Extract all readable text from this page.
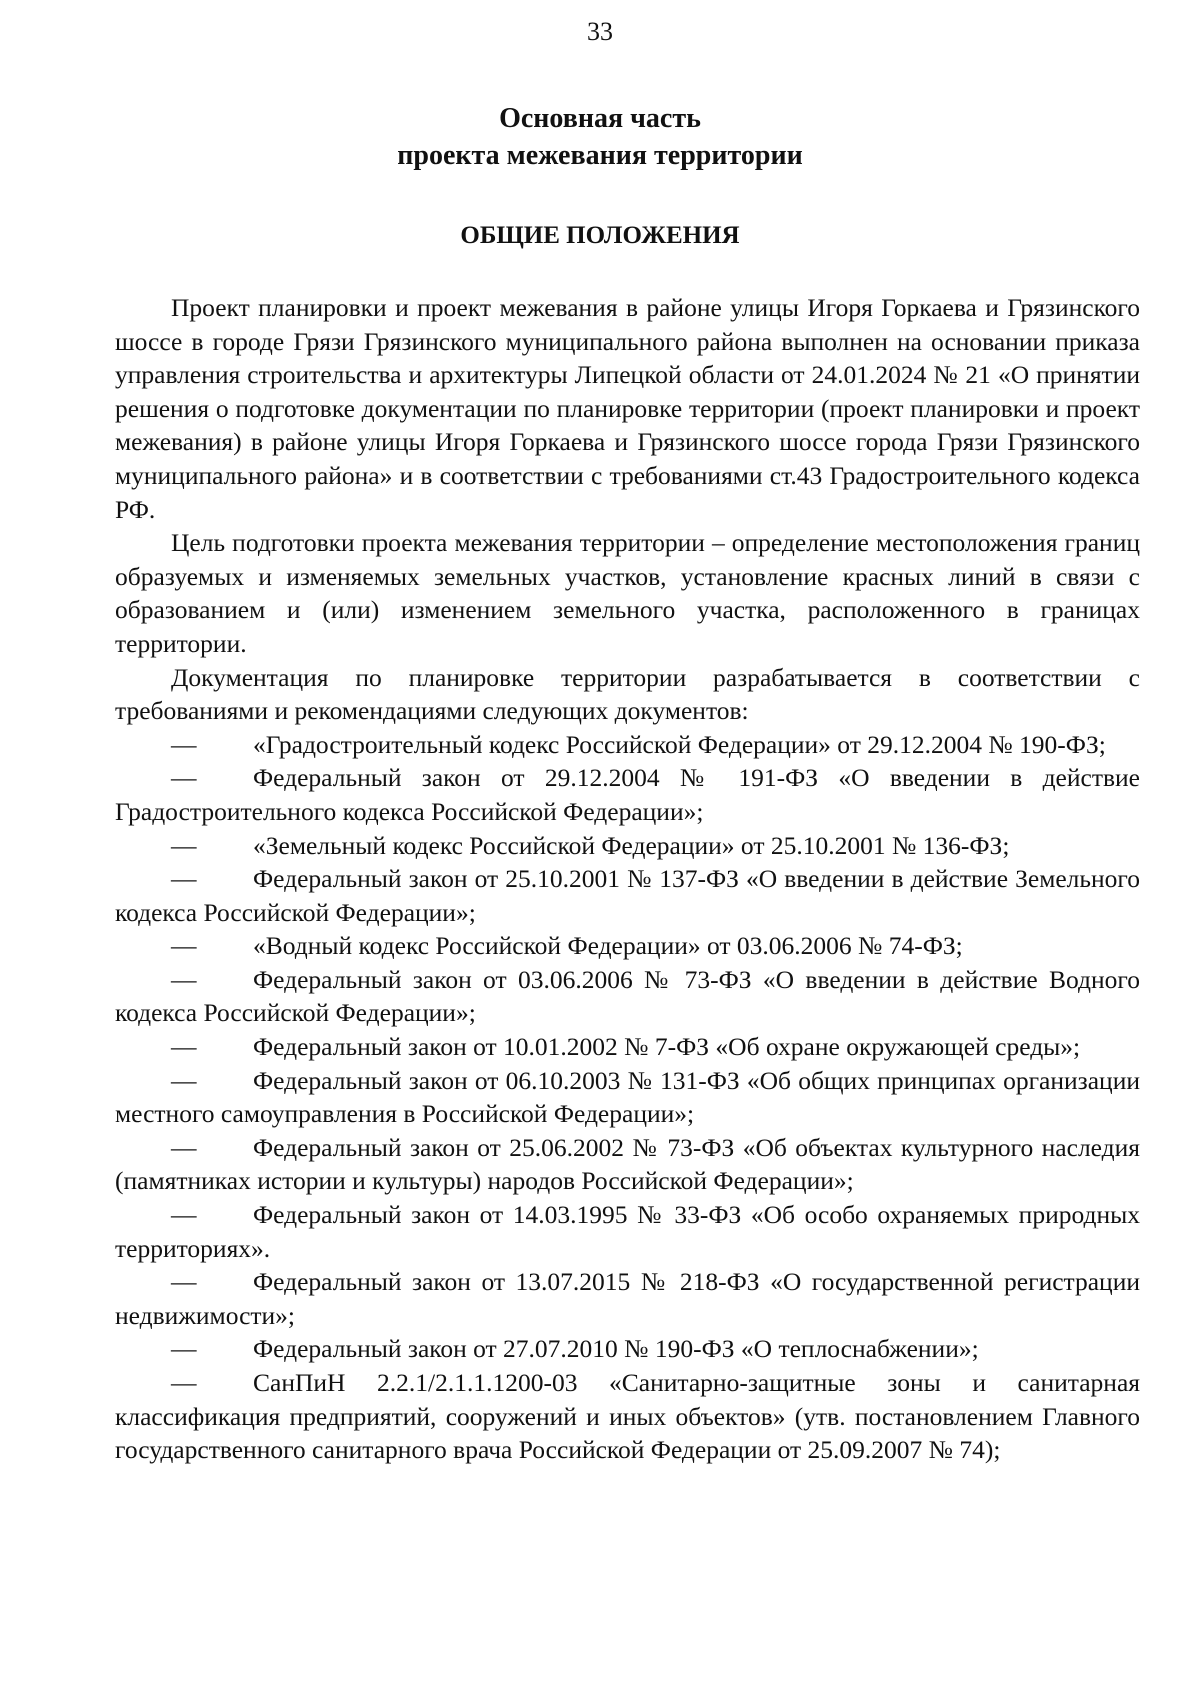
33
Основная часть
проекта межевания территории
ОБЩИЕ ПОЛОЖЕНИЯ

Проект планировки и проект межевания в районе улицы Игоря Горкаева и Грязинского шоссе в городе Грязи Грязинского муниципального района выполнен на основании приказа управления строительства и архитектуры Липецкой области от 24.01.2024 № 21 «О принятии решения о подготовке документации по планировке территории (проект планировки и проект межевания) в районе улицы Игоря Горкаева и Грязинского шоссе города Грязи Грязинского муниципального района» и в соответствии с требованиями ст.43 Градостроительного кодекса РФ.

Цель подготовки проекта межевания территории – определение местоположения границ образуемых и изменяемых земельных участков, установление красных линий в связи с образованием и (или) изменением земельного участка, расположенного в границах территории.

Документация по планировке территории разрабатывается в соответствии с требованиями и рекомендациями следующих документов:

— «Градостроительный кодекс Российской Федерации» от 29.12.2004 № 190-ФЗ;
— Федеральный закон от 29.12.2004 № 191-ФЗ «О введении в действие Градостроительного кодекса Российской Федерации»;
— «Земельный кодекс Российской Федерации» от 25.10.2001 № 136-ФЗ;
— Федеральный закон от 25.10.2001 № 137-ФЗ «О введении в действие Земельного кодекса Российской Федерации»;
— «Водный кодекс Российской Федерации» от 03.06.2006 № 74-ФЗ;
— Федеральный закон от 03.06.2006 № 73-ФЗ «О введении в действие Водного кодекса Российской Федерации»;
— Федеральный закон от 10.01.2002 № 7-ФЗ «Об охране окружающей среды»;
— Федеральный закон от 06.10.2003 № 131-ФЗ «Об общих принципах организации местного самоуправления в Российской Федерации»;
— Федеральный закон от 25.06.2002 № 73-ФЗ «Об объектах культурного наследия (памятниках истории и культуры) народов Российской Федерации»;
— Федеральный закон от 14.03.1995 № 33-ФЗ «Об особо охраняемых природных территориях».
— Федеральный закон от 13.07.2015 № 218-ФЗ «О государственной регистрации недвижимости»;
— Федеральный закон от 27.07.2010 № 190-ФЗ «О теплоснабжении»;
— СанПиН 2.2.1/2.1.1.1200-03 «Санитарно-защитные зоны и санитарная классификация предприятий, сооружений и иных объектов» (утв. постановлением Главного государственного санитарного врача Российской Федерации от 25.09.2007 № 74);
